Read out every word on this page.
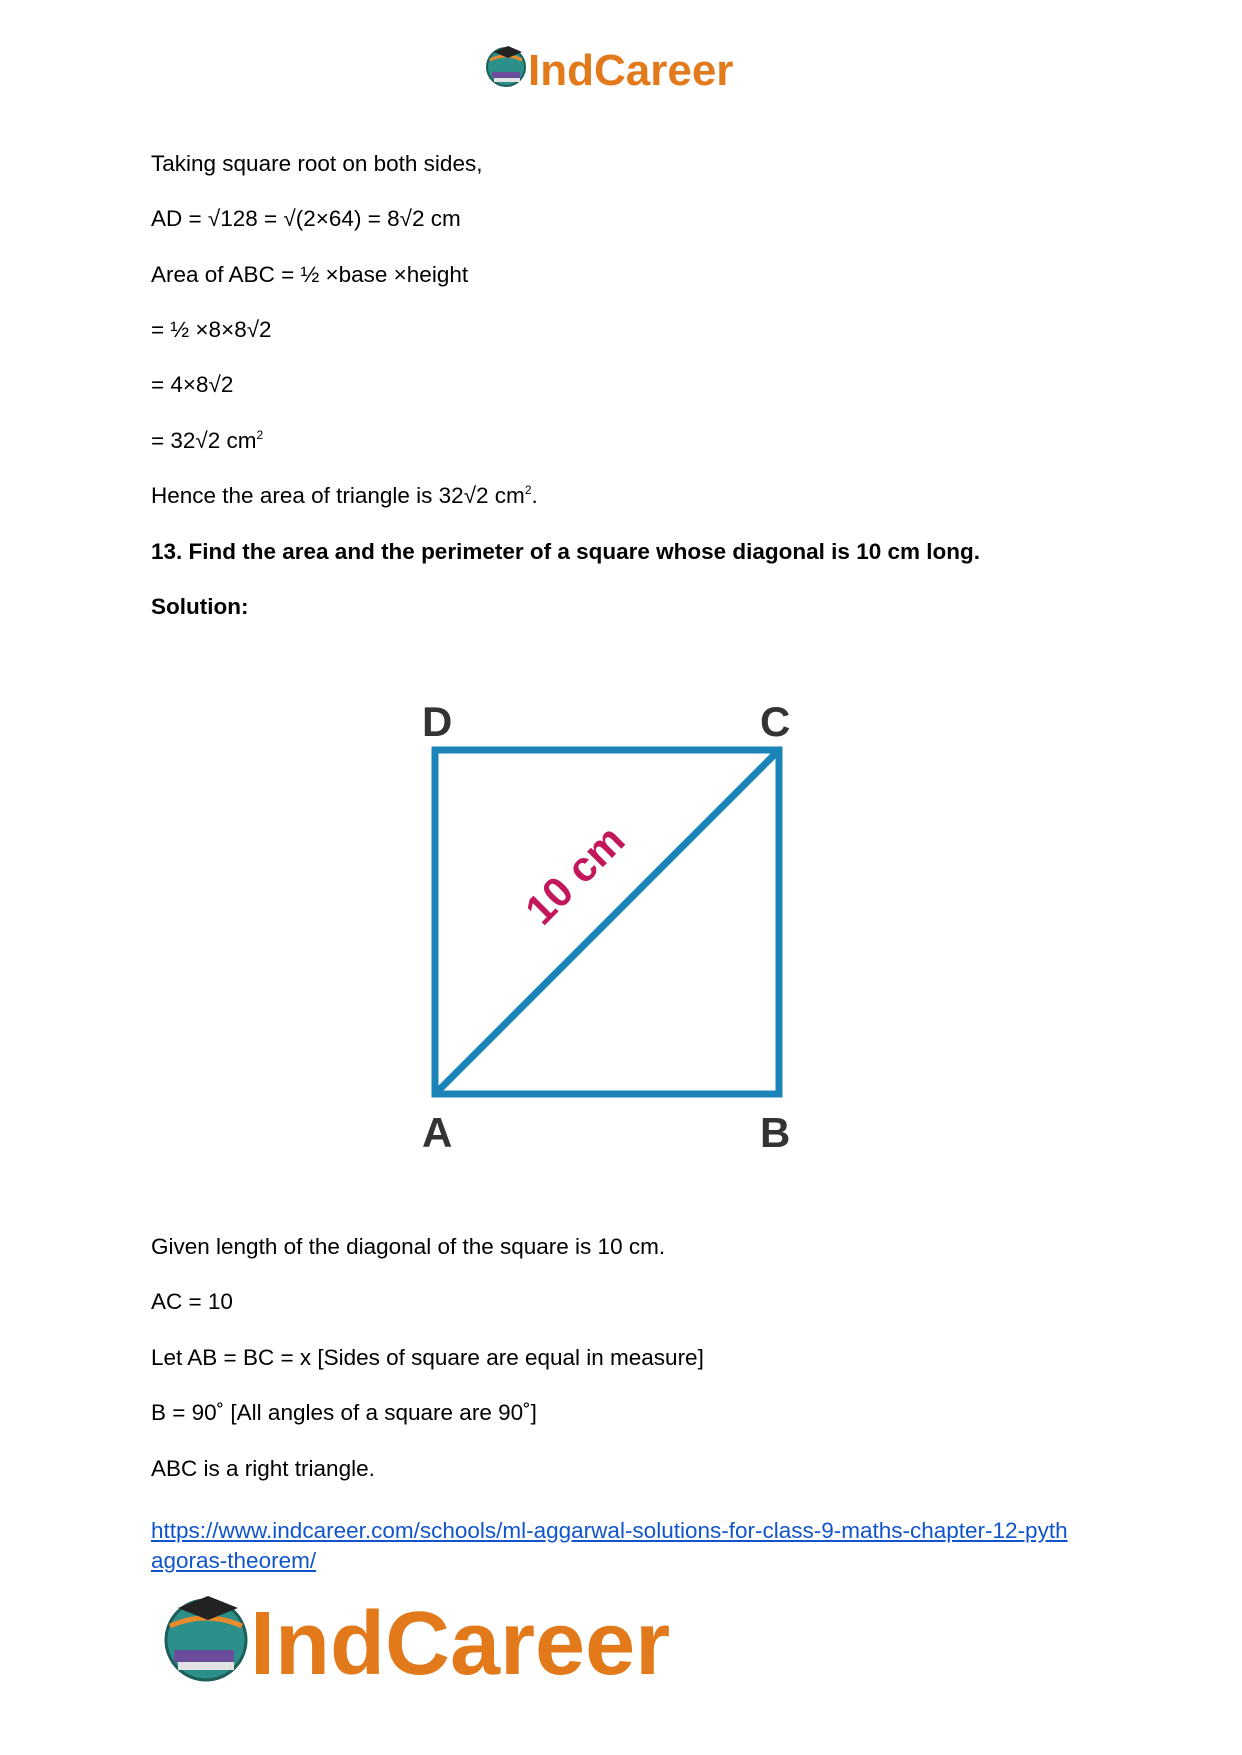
IndCareer

Taking square root on both sides,

AD = √128 = √(2×64) = 8√2 cm

Area of ABC = ½ ×base ×height

= ½ ×8×8√2

= 4×8√2

= 32√2 $cm^2$

Hence the area of triangle is 32√2 $cm^2$.

13. Find the area and the perimeter of a square whose diagonal is 10 cm long.

Solution:

D	C
A	B
10 cm

Given length of the diagonal of the square is 10 cm.

AC = 10

Let AB = BC = x [Sides of square are equal in measure]

B = 90˚ [All angles of a square are 90˚]

ABC is a right triangle.

https://www.indcareer.com/schools/ml-aggarwal-solutions-for-class-9-maths-chapter-12-pyth
agoras-theorem/
IndCareer
